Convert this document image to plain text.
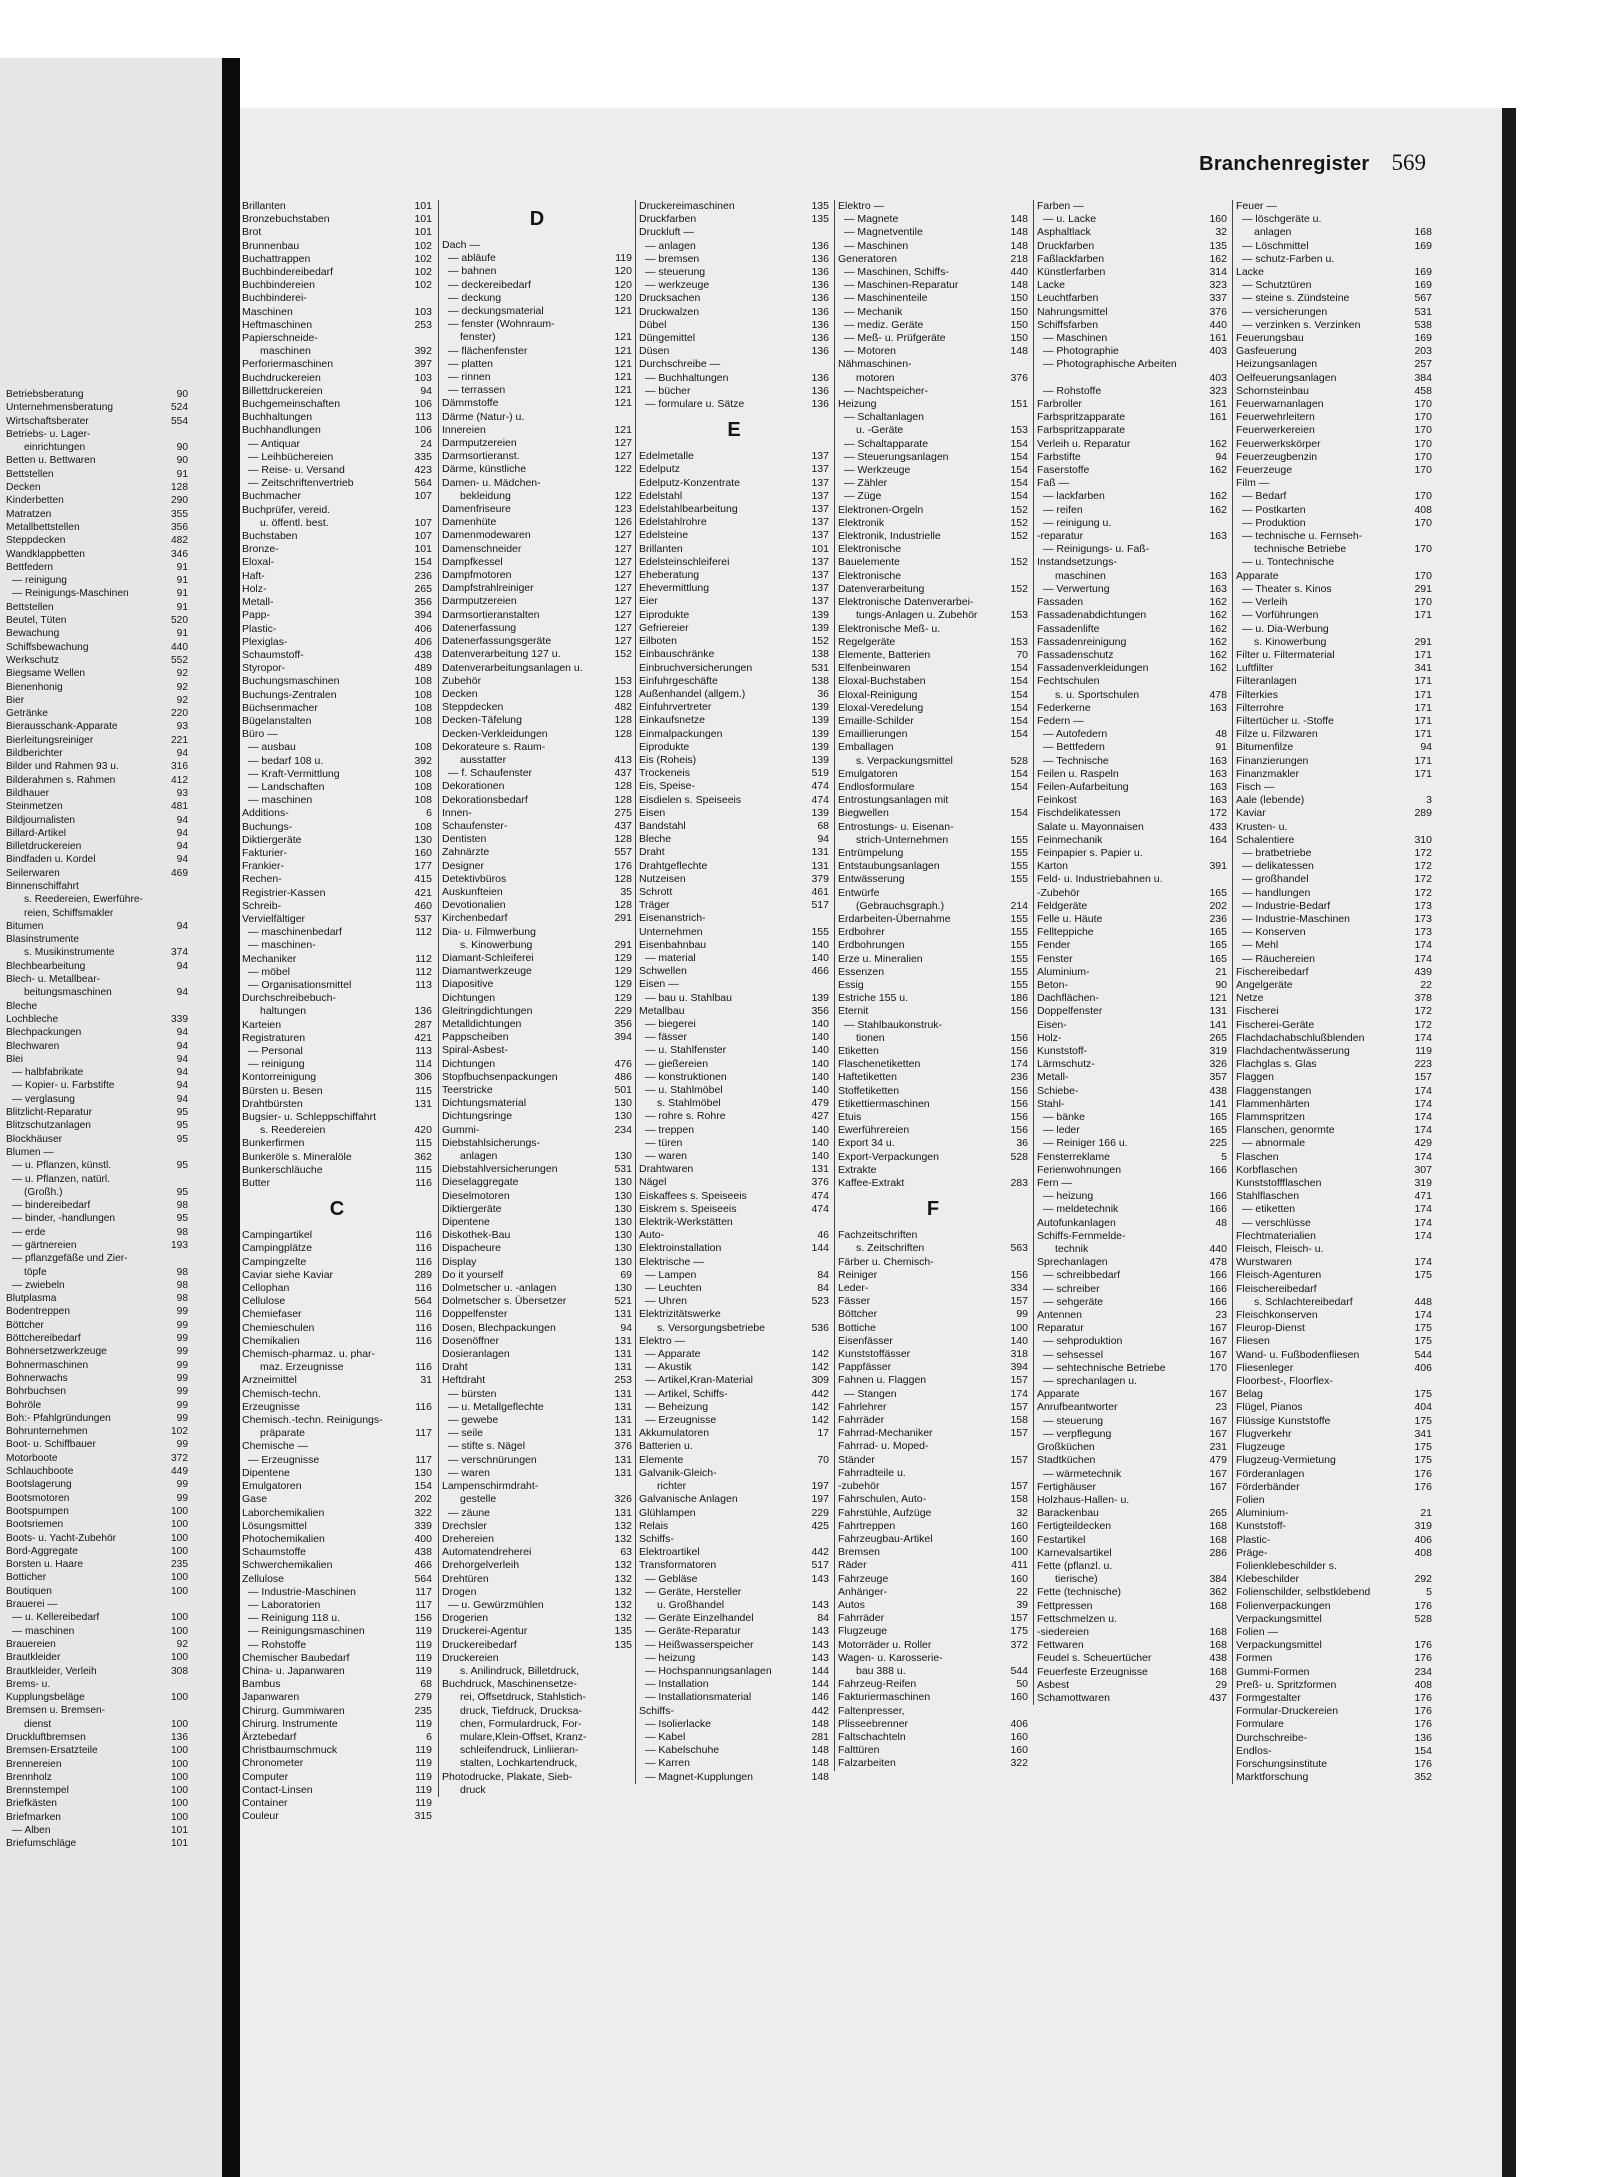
Betriebsberatung	90
Unternehmensberatung	524
Wirtschaftsberater	554
Betriebs- u. Lager-
einrichtungen	90
Betten u. Bettwaren	90
Bettstellen	91
Decken	128
Kinderbetten	290
Matratzen	355
Metallbettstellen	356
Steppdecken	482
Wandklappbetten	346
Bettfedern	91
— reinigung	91
— Reinigungs-Maschinen	91
Bettstellen	91
Beutel, Tüten	520
Bewachung	91
Schiffsbewachung	440
Werkschutz	552
Biegsame Wellen	92
Bienenhonig	92
Bier	92
Getränke	220
Bierausschank-Apparate	93
Bierleitungsreiniger	221
Bildberichter	94
Bilder und Rahmen 93 u.	316
Bilderahmen s. Rahmen	412
Bildhauer	93
Steinmetzen	481
Bildjournalisten	94
Billard-Artikel	94
Billetdruckereien	94
Bindfaden u. Kordel	94
Seilerwaren	469
Binnenschiffahrt
s. Reedereien, Ewerführe-
reien, Schiffsmakler
Bitumen	94
Blasinstrumente
s. Musikinstrumente	374
Blechbearbeitung	94
Blech- u. Metallbear-
beitungsmaschinen	94
Bleche
Lochbleche	339
Blechpackungen	94
Blechwaren	94
Blei	94
— halbfabrikate	94
— Kopier- u. Farbstifte	94
— verglasung	94
Blitzlicht-Reparatur	95
Blitzschutzanlagen	95
Blockhäuser	95
Blumen —
— u. Pflanzen, künstl.	95
— u. Pflanzen, natürl.
(Großh.)	95
— bindereibedarf	98
— binder, -handlungen	95
— erde	98
— gärtnereien	193
— pflanzgefäße und Zier-
töpfe	98
— zwiebeln	98
Blutplasma	98
Bodentreppen	99
Böttcher	99
Böttchereibedarf	99
Bohnersetzwerkzeuge	99
Bohnermaschinen	99
Bohnerwachs	99
Bohrbuchsen	99
Bohröle	99
Boh:- Pfahlgründungen	99
Bohrunternehmen	102
Boot- u. Schiffbauer	99
Motorboote	372
Schlauchboote	449
Bootslagerung	99
Bootsmotoren	99
Bootspumpen	100
Bootsriemen	100
Boots- u. Yacht-Zubehör	100
Bord-Aggregate	100
Borsten u. Haare	235
Botticher	100
Boutiquen	100
Brauerei —
— u. Kellereibedarf	100
— maschinen	100
Brauereien	92
Brautkleider	100
Brautkleider, Verleih	308
Brems- u.
Kupplungsbeläge	100
Bremsen u. Bremsen-
dienst	100
Druckluftbremsen	136
Bremsen-Ersatzteile	100
Brennereien	100
Brennholz	100
Brennstempel	100
Briefkästen	100
Briefmarken	100
— Alben	101
Briefumschläge	101
Branchenregister 569
Brillanten	101
Bronzebuchstaben	101
Brot	101
Brunnenbau	102
Buchattrappen	102
Buchbindereibedarf	102
Buchbindereien	102
Buchbinderei-
Maschinen	103
Heftmaschinen	253
Papierschneide-
maschinen	392
Perforiermaschinen	397
Buchdruckereien	103
Billettdruckereien	94
Buchgemeinschaften	106
Buchhaltungen	113
Buchhandlungen	106
— Antiquar	24
— Leihbüchereien	335
— Reise- u. Versand	423
— Zeitschriftenvertrieb	564
Buchmacher	107
Buchprüfer, vereid.
u. öffentl. best.	107
Buchstaben	107
Bronze-	101
Eloxal-	154
Haft-	236
Holz-	265
Metall-	356
Papp-	394
Plastic-	406
Plexiglas-	406
Schaumstoff-	438
Styropor-	489
Buchungsmaschinen	108
Buchungs-Zentralen	108
Büchsenmacher	108
Bügelanstalten	108
Büro —
— ausbau	108
— bedarf 108 u.	392
— Kraft-Vermittlung	108
— Landschaften	108
— maschinen	108
Additions-	6
Buchungs-	108
Diktiergeräte	130
Fakturier-	160
Frankier-	177
Rechen-	415
Registrier-Kassen	421
Schreib-	460
Vervielfältiger	537
— maschinenbedarf	112
— maschinen-
Mechaniker	112
— möbel	112
— Organisationsmittel	113
Durchschreibebuch-
haltungen	136
Karteien	287
Registraturen	421
— Personal	113
— reinigung	114
Kontorreinigung	306
Bürsten u. Besen	115
Drahtbürsten	131
Bugsier- u. Schleppschiffahrt
s. Reedereien	420
Bunkerfirmen	115
Bunkeröle s. Mineralöle	362
Bunkerschläuche	115
Butter	116
C
Campingartikel	116
Campingplätze	116
Campingzelte	116
Caviar siehe Kaviar	289
Cellophan	116
Cellulose	564
Chemiefaser	116
Chemieschulen	116
Chemikalien	116
Chemisch-pharmaz. u. phar-
maz. Erzeugnisse	116
Arzneimittel	31
Chemisch-techn.
Erzeugnisse	116
Chemisch.-techn. Reinigungs-
präparate	117
Chemische —
— Erzeugnisse	117
Dipentene	130
Emulgatoren	154
Gase	202
Laborchemikalien	322
Lösungsmittel	339
Photochemikalien	400
Schaumstoffe	438
Schwerchemikalien	466
Zellulose	564
— Industrie-Maschinen	117
— Laboratorien	117
— Reinigung 118 u.	156
— Reinigungsmaschinen	119
— Rohstoffe	119
Chemischer Baubedarf	119
China- u. Japanwaren	119
Bambus	68
Japanwaren	279
Chirurg. Gummiwaren	235
Chirurg. Instrumente	119
Ärztebedarf	6
Christbaumschmuck	119
Chronometer	119
Computer	119
Contact-Linsen	119
Container	119
Couleur	315
D
Dach —
— abläufe	119
— bahnen	120
— deckereibedarf	120
— deckung	120
— deckungsmaterial	121
— fenster (Wohnraum-
fenster)	121
— flächenfenster	121
— platten	121
— rinnen	121
— terrassen	121
Dämmstoffe	121
Därme (Natur-) u.
Innereien	121
Darmputzereien	127
Darmsortieranst.	127
Därme, künstliche	122
Damen- u. Mädchen-
bekleidung	122
Damenfriseure	123
Damenhüte	126
Damenmodewaren	127
Damenschneider	127
Dampfkessel	127
Dampfmotoren	127
Dampfstrahlreiniger	127
Darmputzereien	127
Darmsortieranstalten	127
Datenerfassung	127
Datenerfassungsgeräte	127
Datenverarbeitung 127 u.	152
Datenverarbeitungsanlagen u.
Zubehör	153
Decken	128
Steppdecken	482
Decken-Täfelung	128
Decken-Verkleidungen	128
Dekorateure s. Raum-
ausstatter	413
— f. Schaufenster	437
Dekorationen	128
Dekorationsbedarf	128
Innen-	275
Schaufenster-	437
Dentisten	128
Zahnärzte	557
Designer	176
Detektivbüros	128
Auskunfteien	35
Devotionalien	128
Kirchenbedarf	291
Dia- u. Filmwerbung
s. Kinowerbung	291
Diamant-Schleiferei	129
Diamantwerkzeuge	129
Diapositive	129
Dichtungen	129
Gleitringdichtungen	229
Metalldichtungen	356
Pappscheiben	394
Spiral-Asbest-
Dichtungen	476
Stopfbuchsenpackungen	486
Teerstricke	501
Dichtungsmaterial	130
Dichtungsringe	130
Gummi-	234
Diebstahlsicherungs-
anlagen	130
Diebstahlversicherungen	531
Dieselaggregate	130
Dieselmotoren	130
Diktiergeräte	130
Dipentene	130
Diskothek-Bau	130
Dispacheure	130
Display	130
Do it yourself	69
Dolmetscher u. -anlagen	130
Dolmetscher s. Übersetzer	521
Doppelfenster	131
Dosen, Blechpackungen	94
Dosenöffner	131
Dosieranlagen	131
Draht	131
Heftdraht	253
— bürsten	131
— u. Metallgeflechte	131
— gewebe	131
— seile	131
— stifte s. Nägel	376
— verschnürungen	131
— waren	131
Lampenschirmdraht-
gestelle	326
— zäune	131
Drechsler	132
Drehereien	132
Automatendreherei	63
Drehorgelverleih	132
Drehtüren	132
Drogen	132
— u. Gewürzmühlen	132
Drogerien	132
Druckerei-Agentur	135
Druckereibedarf	135
Druckereien
s. Anilindruck, Billetdruck,
Buchdruck, Maschinensetze-
rei, Offsetdruck, Stahlstich-
druck, Tiefdruck, Drucksa-
chen, Formulardruck, For-
mulare,Klein-Offset, Kranz-
schleifendruck, Linliieran-
stalten, Lochkartendruck,
Photodrucke, Plakate, Sieb-
druck
Druckereimaschinen	135
Druckfarben	135
Druckluft —
— anlagen	136
— bremsen	136
— steuerung	136
— werkzeuge	136
Drucksachen	136
Druckwalzen	136
Dübel	136
Düngemittel	136
Düsen	136
Durchschreibe —
— Buchhaltungen	136
— bücher	136
— formulare u. Sätze	136
E
Edelmetalle	137
Edelputz	137
Edelputz-Konzentrate	137
Edelstahl	137
Edelstahlbearbeitung	137
Edelstahlrohre	137
Edelsteine	137
Brillanten	101
Edelsteinschleiferei	137
Eheberatung	137
Ehevermittlung	137
Eier	137
Eiprodukte	139
Gefriereier	139
Eilboten	152
Einbauschränke	138
Einbruchversicherungen	531
Einfuhrgeschäfte	138
Außenhandel (allgem.)	36
Einfuhrvertreter	139
Einkaufsnetze	139
Einmalpackungen	139
Eiprodukte	139
Eis (Roheis)	139
Trockeneis	519
Eis, Speise-	474
Eisdielen s. Speiseeis	474
Eisen	139
Bandstahl	68
Bleche	94
Draht	131
Drahtgeflechte	131
Nutzeisen	379
Schrott	461
Träger	517
Eisenanstrich-
Unternehmen	155
Eisenbahnbau	140
— material	140
Schwellen	466
Eisen —
— bau u. Stahlbau	139
Metallbau	356
— biegerei	140
— fässer	140
— u. Stahlfenster	140
— gießereien	140
— konstruktionen	140
— u. Stahlmöbel	140
s. Stahlmöbel	479
— rohre s. Rohre	427
— treppen	140
— türen	140
— waren	140
Drahtwaren	131
Nägel	376
Eiskaffees s. Speiseeis	474
Eiskrem s. Speiseeis	474
Elektrik-Werkstätten
Auto-	46
Elektroinstallation	144
Elektrische —
— Lampen	84
— Leuchten	84
— Uhren	523
Elektrizitätswerke
s. Versorgungsbetriebe	536
Elektro —
— Apparate	142
— Akustik	142
— Artikel,Kran-Material	309
— Artikel, Schiffs-	442
— Beheizung	142
— Erzeugnisse	142
Akkumulatoren	17
Batterien u.
Elemente	70
Galvanik-Gleich-
richter	197
Galvanische Anlagen	197
Glühlampen	229
Relais	425
Schiffs-
Elektroartikel	442
Transformatoren	517
— Gebläse	143
— Geräte, Hersteller
u. Großhandel	143
— Geräte Einzelhandel	84
— Geräte-Reparatur	143
— Heißwasserspeicher	143
— heizung	143
— Hochspannungsanlagen	144
— Installation	144
— Installationsmaterial	146
Schiffs-	442
— Isolierlacke	148
— Kabel	281
— Kabelschuhe	148
— Karren	148
— Magnet-Kupplungen	148
Elektro —
— Magnete	148
— Magnetventile	148
— Maschinen	148
Generatoren	218
— Maschinen, Schiffs-	440
— Maschinen-Reparatur	148
— Maschinenteile	150
— Mechanik	150
— mediz. Geräte	150
— Meß- u. Prüfgeräte	150
— Motoren	148
Nähmaschinen-
motoren	376
— Nachtspeicher-
Heizung	151
— Schaltanlagen
u. -Geräte	153
— Schaltapparate	154
— Steuerungsanlagen	154
— Werkzeuge	154
— Zähler	154
— Züge	154
Elektronen-Orgeln	152
Elektronik	152
Elektronik, Industrielle	152
Elektronische
Bauelemente	152
Elektronische
Datenverarbeitung	152
Elektronische Datenverarbei-
tungs-Anlagen u. Zubehör	153
Elektronische Meß- u.
Regelgeräte	153
Elemente, Batterien	70
Elfenbeinwaren	154
Eloxal-Buchstaben	154
Eloxal-Reinigung	154
Eloxal-Veredelung	154
Emaille-Schilder	154
Emaillierungen	154
Emballagen
s. Verpackungsmittel	528
Emulgatoren	154
Endlosformulare	154
Entrostungsanlagen mit
Biegwellen	154
Entrostungs- u. Eisenan-
strich-Unternehmen	155
Entrümpelung	155
Entstaubungsanlagen	155
Entwässerung	155
Entwürfe
(Gebrauchsgraph.)	214
Erdarbeiten-Übernahme	155
Erdbohrer	155
Erdbohrungen	155
Erze u. Mineralien	155
Essenzen	155
Essig	155
Estriche 155 u.	186
Eternit	156
— Stahlbaukonstruk-
tionen	156
Etiketten	156
Flaschenetiketten	174
Haftetiketten	236
Stoffetiketten	156
Etikettiermaschinen	156
Etuis	156
Ewerführereien	156
Export 34 u.	36
Export-Verpackungen	528
Extrakte
Kaffee-Extrakt	283
F
Fachzeitschriften
s. Zeitschriften	563
Färber u. Chemisch-
Reiniger	156
Leder-	334
Fässer	157
Böttcher	99
Bottiche	100
Eisenfässer	140
Kunststoffässer	318
Pappfässer	394
Fahnen u. Flaggen	157
— Stangen	174
Fahrlehrer	157
Fahrräder	158
Fahrrad-Mechaniker	157
Fahrrad- u. Moped-
Ständer	157
Fahrradteile u.
-zubehör	157
Fahrschulen, Auto-	158
Fahrstühle, Aufzüge	32
Fahrtreppen	160
Fahrzeugbau-Artikel	160
Bremsen	100
Räder	411
Fahrzeuge	160
Anhänger-	22
Autos	39
Fahrräder	157
Flugzeuge	175
Motorräder u. Roller	372
Wagen- u. Karosserie-
bau 388 u.	544
Fahrzeug-Reifen	50
Fakturiermaschinen	160
Faltenpresser,
Plisseebrenner	406
Faltschachteln	160
Falttüren	160
Falzarbeiten	322
Farben —
— u. Lacke	160
Asphaltlack	32
Druckfarben	135
Faßlackfarben	162
Künstlerfarben	314
Lacke	323
Leuchtfarben	337
Nahrungsmittel	376
Schiffsfarben	440
— Maschinen	161
— Photographie	403
— Photographische Arbeiten
403
— Rohstoffe	323
Farbroller	161
Farbspritzapparate	161
Farbspritzapparate
Verleih u. Reparatur	162
Farbstifte	94
Faserstoffe	162
Faß —
— lackfarben	162
— reifen	162
— reinigung u.
-reparatur	163
— Reinigungs- u. Faß-
Instandsetzungs-
maschinen	163
— Verwertung	163
Fassaden	162
Fassadenabdichtungen	162
Fassadenlifte	162
Fassadenreinigung	162
Fassadenschutz	162
Fassadenverkleidungen	162
Fechtschulen
s. u. Sportschulen	478
Federkerne	163
Federn —
— Autofedern	48
— Bettfedern	91
— Technische	163
Feilen u. Raspeln	163
Feilen-Aufarbeitung	163
Feinkost	163
Fischdelikatessen	172
Salate u. Mayonnaisen	433
Feinmechanik	164
Feinpapier s. Papier u.
Karton	391
Feld- u. Industriebahnen u.
-Zubehör	165
Feldgeräte	202
Felle u. Häute	236
Fellteppiche	165
Fender	165
Fenster	165
Aluminium-	21
Beton-	90
Dachflächen-	121
Doppelfenster	131
Eisen-	141
Holz-	265
Kunststoff-	319
Lärmschutz-	326
Metall-	357
Schiebe-	438
Stahl-	141
— bänke	165
— leder	165
— Reiniger 166 u.	225
Fensterreklame	5
Ferienwohnungen	166
Fern —
— heizung	166
— meldetechnik	166
Autofunkanlagen	48
Schiffs-Fernmelde-
technik	440
Sprechanlagen	478
— schreibbedarf	166
— schreiber	166
— sehgeräte	166
Antennen	23
Reparatur	167
— sehproduktion	167
— sehsessel	167
— sehtechnische Betriebe	170
— sprechanlagen u.
Apparate	167
Anrufbeantworter	23
— steuerung	167
— verpflegung	167
Großküchen	231
Stadtküchen	479
— wärmetechnik	167
Fertighäuser	167
Holzhaus-Hallen- u.
Barackenbau	265
Fertigteildecken	168
Festartikel	168
Karnevalsartikel	286
Fette (pflanzl. u.
tierische)	384
Fette (technische)	362
Fettpressen	168
Fettschmelzen u.
-siedereien	168
Fettwaren	168
Feudel s. Scheuertücher	438
Feuerfeste Erzeugnisse	168
Asbest	29
Schamottwaren	437
Feuer —
— löschgeräte u.
anlagen	168
— Löschmittel	169
— schutz-Farben u.
Lacke	169
— Schutztüren	169
— steine s. Zündsteine	567
— versicherungen	531
— verzinken s. Verzinken	538
Feuerungsbau	169
Gasfeuerung	203
Heizungsanlagen	257
Oelfeuerungsanlagen	384
Schornsteinbau	458
Feuerwarnanlagen	170
Feuerwehrleitern	170
Feuerwerkereien	170
Feuerwerkskörper	170
Feuerzeugbenzin	170
Feuerzeuge	170
Film —
— Bedarf	170
— Postkarten	408
— Produktion	170
— technische u. Fernseh-
technische Betriebe	170
— u. Tontechnische
Apparate	170
— Theater s. Kinos	291
— Verleih	170
— Vorführungen	171
— u. Dia-Werbung
s. Kinowerbung	291
Filter u. Filtermaterial	171
Luftfilter	341
Filteranlagen	171
Filterkies	171
Filterrohre	171
Filtertücher u. -Stoffe	171
Filze u. Filzwaren	171
Bitumenfilze	94
Finanzierungen	171
Finanzmakler	171
Fisch —
Aale (lebende)	3
Kaviar	289
Krusten- u.
Schalentiere	310
— bratbetriebe	172
— delikatessen	172
— großhandel	172
— handlungen	172
— Industrie-Bedarf	173
— Industrie-Maschinen	173
— Konserven	173
— Mehl	174
— Räuchereien	174
Fischereibedarf	439
Angelgeräte	22
Netze	378
Fischerei	172
Fischerei-Geräte	172
Flachdachabschlußblenden	174
Flachdachentwässerung	119
Flachglas s. Glas	223
Flaggen	157
Flaggenstangen	174
Flammenhärten	174
Flammspritzen	174
Flanschen, genormte	174
— abnormale	429
Flaschen	174
Korbflaschen	307
Kunststoffflaschen	319
Stahlflaschen	471
— etiketten	174
— verschlüsse	174
Flechtmaterialien	174
Fleisch, Fleisch- u.
Wurstwaren	174
Fleisch-Agenturen	175
Fleischereibedarf
s. Schlachtereibedarf	448
Fleischkonserven	174
Fleurop-Dienst	175
Fliesen	175
Wand- u. Fußbodenfliesen	544
Fliesenleger	406
Floorbest-, Floorflex-
Belag	175
Flügel, Pianos	404
Flüssige Kunststoffe	175
Flugverkehr	341
Flugzeuge	175
Flugzeug-Vermietung	175
Förderanlagen	176
Förderbänder	176
Folien
Aluminium-	21
Kunststoff-	319
Plastic-	406
Präge-	408
Folienklebeschilder s.
Klebeschilder	292
Folienschilder, selbstklebend	5
Folienverpackungen	176
Verpackungsmittel	528
Folien —
Verpackungsmittel	176
Formen	176
Gummi-Formen	234
Preß- u. Spritzformen	408
Formgestalter	176
Formular-Druckereien	176
Formulare	176
Durchschreibe-	136
Endlos-	154
Forschungsinstitute	176
Marktforschung	352
